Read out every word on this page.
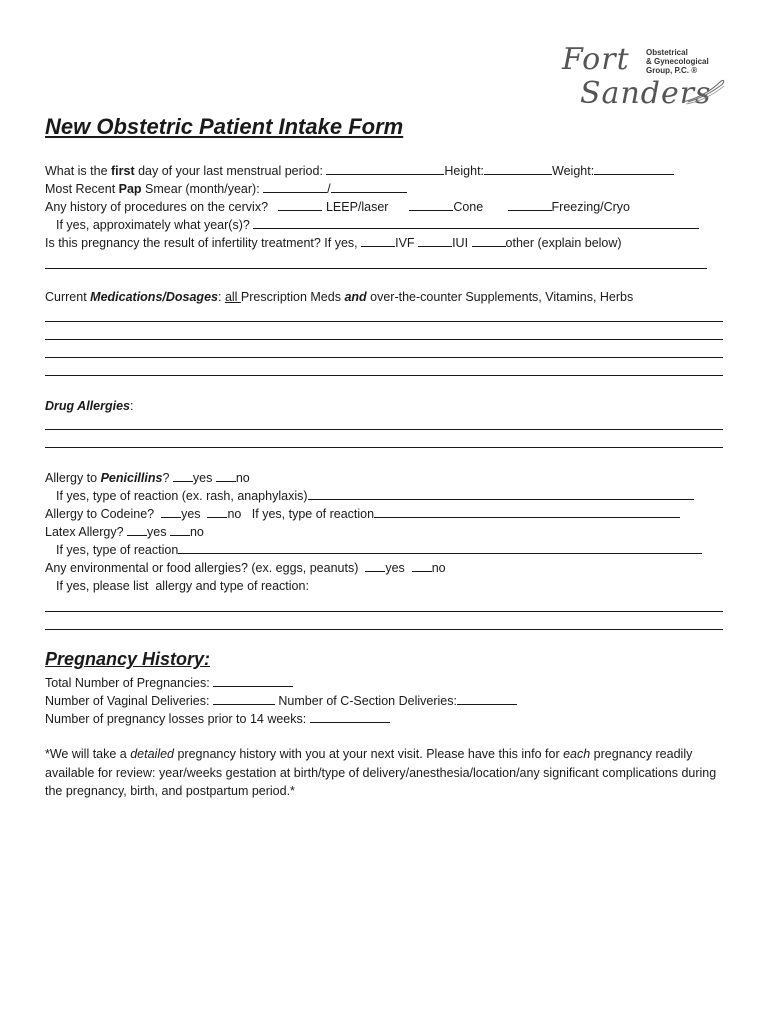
Fort
Sanders
Obstetrical
& Gynecological
Group, P.C. ®
New Obstetric Patient Intake Form
What is the first day of your last menstrual period:	Height:	Weight:
Most Recent Pap Smear (month/year):	/
Any history of procedures on the cervix?	LEEP/laser	Cone	Freezing/Cryo
If yes, approximately what year(s)?
Is this pregnancy the result of infertility treatment? If yes,	IVF	IUI	other (explain below)
Current Medications/Dosages: all Prescription Meds and over-the-counter Supplements, Vitamins, Herbs
Drug Allergies:
Allergy to Penicillins? yes no
If yes, type of reaction (ex. rash, anaphylaxis)
Allergy to Codeine? yes no If yes, type of reaction
Latex Allergy? yes no
If yes, type of reaction
Any environmental or food allergies? (ex. eggs, peanuts) yes no
If yes, please list  allergy and type of reaction:
Pregnancy History:
Total Number of Pregnancies:
Number of Vaginal Deliveries:	Number of C-Section Deliveries:
Number of pregnancy losses prior to 14 weeks:
*We will take a detailed pregnancy history with you at your next visit. Please have this info for each pregnancy readily available for review: year/weeks gestation at birth/type of delivery/anesthesia/location/any significant complications during the pregnancy, birth, and postpartum period.*
